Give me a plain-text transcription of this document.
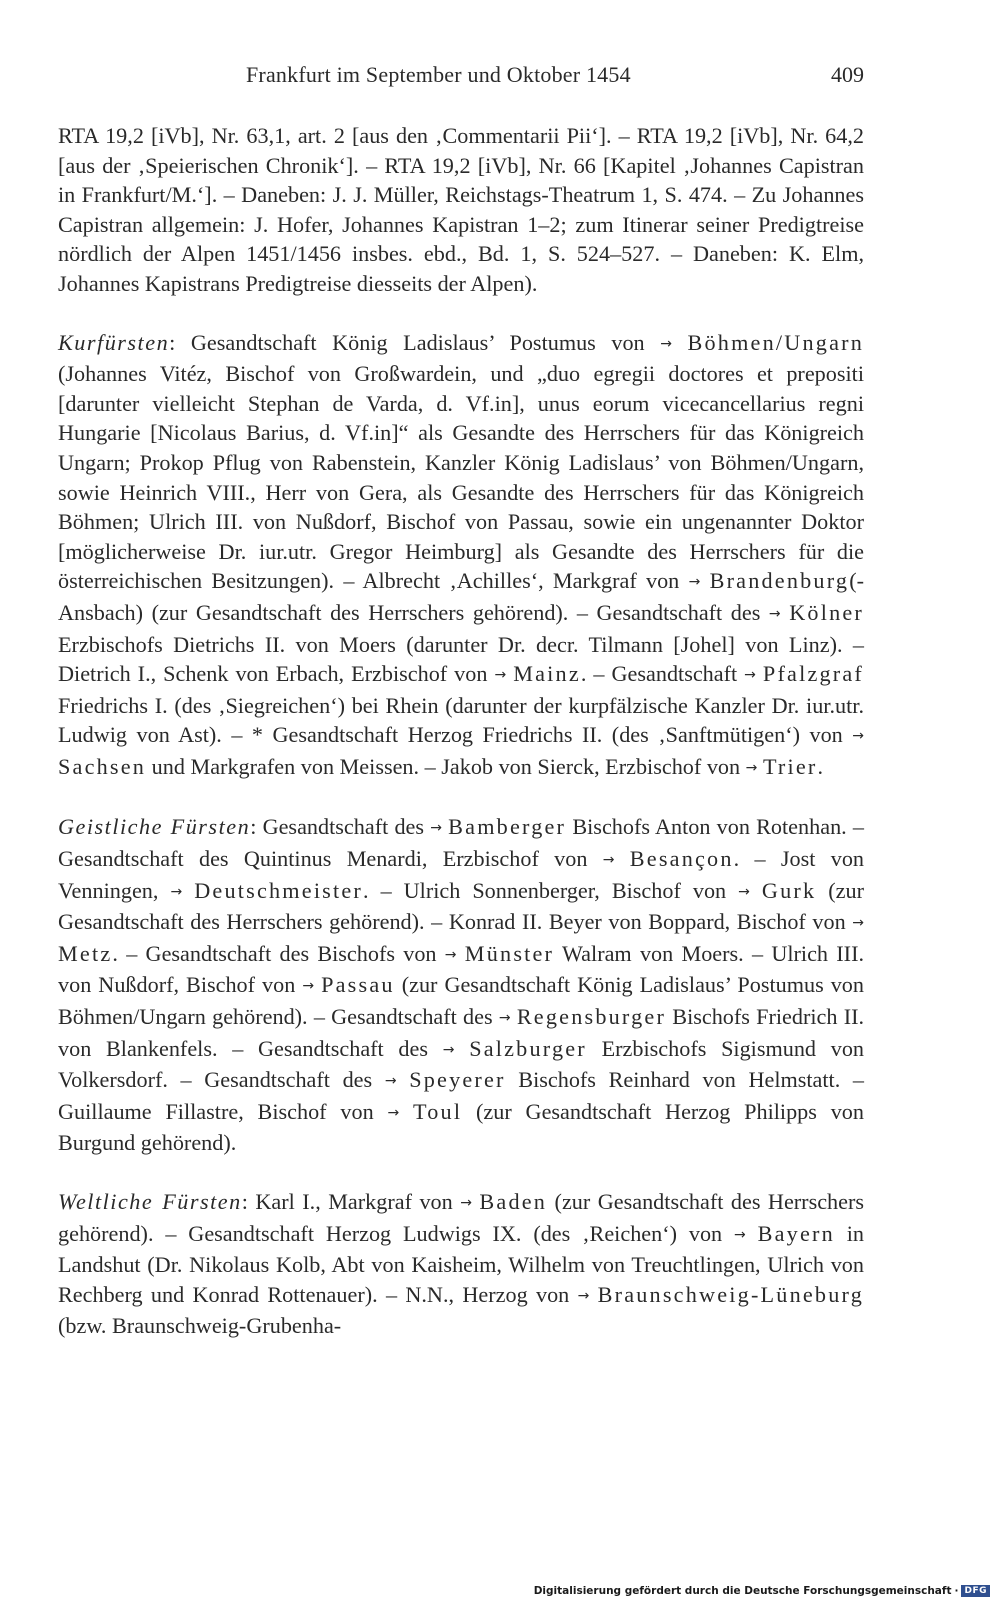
Frankfurt im September und Oktober 1454	409

RTA 19,2 [iVb], Nr. 63,1, art. 2 [aus den ‚Commentarii Pii‘]. – RTA 19,2 [iVb], Nr. 64,2 [aus der ‚Speierischen Chronik‘]. – RTA 19,2 [iVb], Nr. 66 [Kapitel ‚Johannes Capistran in Frankfurt/M.‘]. – Daneben: J. J. Müller, Reichstags-Theatrum 1, S. 474. – Zu Johannes Capistran allgemein: J. Hofer, Johannes Kapistran 1–2; zum Itinerar seiner Predigtreise nördlich der Alpen 1451/1456 insbes. ebd., Bd. 1, S. 524–527. – Daneben: K. Elm, Johannes Kapistrans Predigtreise diesseits der Alpen).

Kurfürsten: Gesandtschaft König Ladislaus’ Postumus von → Böhmen/Ungarn (Johannes Vitéz, Bischof von Großwardein, und „duo egregii doctores et prepositi [darunter vielleicht Stephan de Varda, d. Vf.in], unus eorum vicecancellarius regni Hungarie [Nicolaus Barius, d. Vf.in]“ als Gesandte des Herrschers für das Königreich Ungarn; Prokop Pflug von Rabenstein, Kanzler König Ladislaus’ von Böhmen/Ungarn, sowie Heinrich VIII., Herr von Gera, als Gesandte des Herrschers für das Königreich Böhmen; Ulrich III. von Nußdorf, Bischof von Passau, sowie ein ungenannter Doktor [möglicherweise Dr. iur.utr. Gregor Heimburg] als Gesandte des Herrschers für die österreichischen Besitzungen). – Albrecht ‚Achilles‘, Markgraf von → Brandenburg(-Ansbach) (zur Gesandtschaft des Herrschers gehörend). – Gesandtschaft des → Kölner Erzbischofs Dietrichs II. von Moers (darunter Dr. decr. Tilmann [Johel] von Linz). – Dietrich I., Schenk von Erbach, Erzbischof von → Mainz. – Gesandtschaft → Pfalzgraf Friedrichs I. (des ‚Siegreichen‘) bei Rhein (darunter der kurpfälzische Kanzler Dr. iur.utr. Ludwig von Ast). – * Gesandtschaft Herzog Friedrichs II. (des ‚Sanftmütigen‘) von → Sachsen und Markgrafen von Meissen. – Jakob von Sierck, Erzbischof von → Trier.

Geistliche Fürsten: Gesandtschaft des → Bamberger Bischofs Anton von Rotenhan. – Gesandtschaft des Quintinus Menardi, Erzbischof von → Besançon. – Jost von Venningen, → Deutschmeister. – Ulrich Sonnenberger, Bischof von → Gurk (zur Gesandtschaft des Herrschers gehörend). – Konrad II. Beyer von Boppard, Bischof von → Metz. – Gesandtschaft des Bischofs von → Münster Walram von Moers. – Ulrich III. von Nußdorf, Bischof von → Passau (zur Gesandtschaft König Ladislaus’ Postumus von Böhmen/Ungarn gehörend). – Gesandtschaft des → Regensburger Bischofs Friedrich II. von Blankenfels. – Gesandtschaft des → Salzburger Erzbischofs Sigismund von Volkersdorf. – Gesandtschaft des → Speyerer Bischofs Reinhard von Helmstatt. – Guillaume Fillastre, Bischof von → Toul (zur Gesandtschaft Herzog Philipps von Burgund gehörend).

Weltliche Fürsten: Karl I., Markgraf von → Baden (zur Gesandtschaft des Herrschers gehörend). – Gesandtschaft Herzog Ludwigs IX. (des ‚Reichen‘) von → Bayern in Landshut (Dr. Nikolaus Kolb, Abt von Kaisheim, Wilhelm von Treuchtlingen, Ulrich von Rechberg und Konrad Rottenauer). – N.N., Herzog von → Braunschweig-Lüneburg (bzw. Braunschweig-Grubenha-

Digitalisierung gefördert durch die Deutsche Forschungsgemeinschaft · DFG
